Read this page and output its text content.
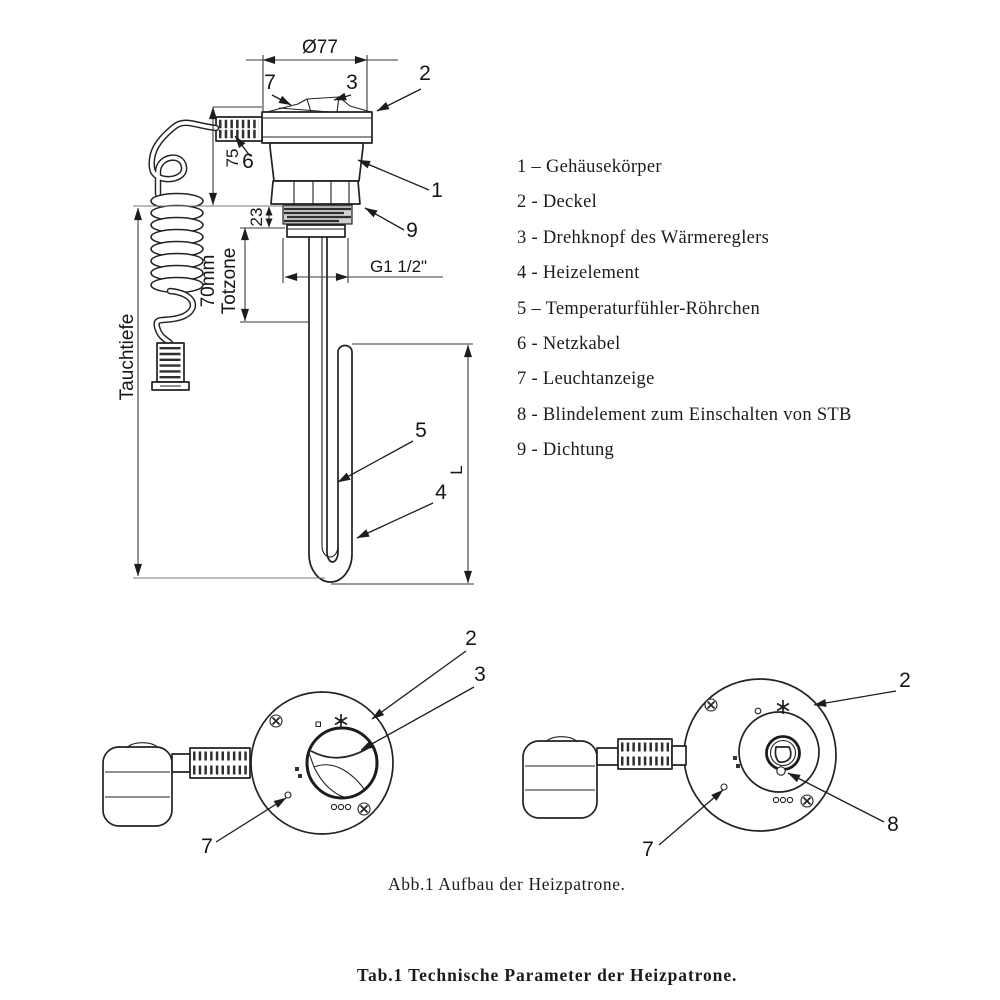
Ø77
75
23
70mm Totzone
Tauchtiefe
L
G1 1/2"
7	3	2
1
9
6
5
4
2
3
7
2
8
7
1 – Gehäusekörper
2 - Deckel
3 - Drehknopf des Wärmereglers
4 - Heizelement
5 – Temperaturfühler-Röhrchen
6 - Netzkabel
7 - Leuchtanzeige
8 - Blindelement zum Einschalten von STB
9 - Dichtung
Abb.1 Aufbau der Heizpatrone.
Tab.1 Technische Parameter der Heizpatrone.
